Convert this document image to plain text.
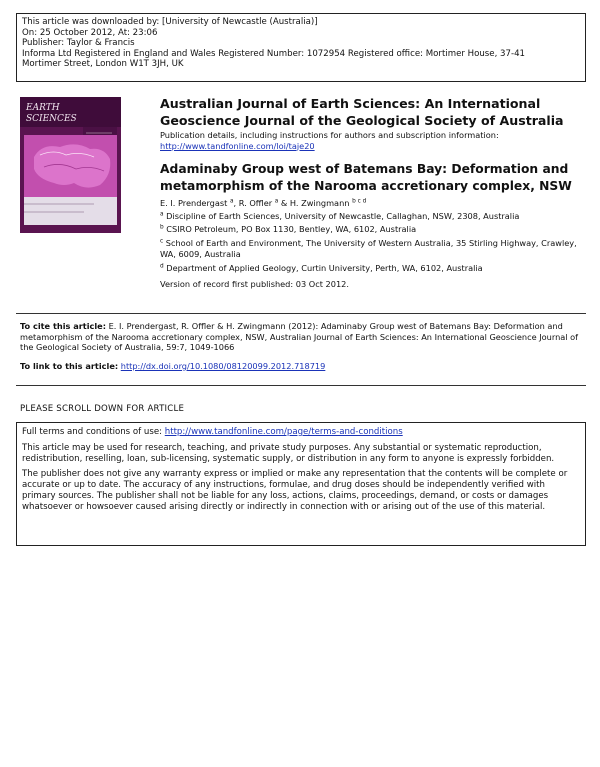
This article was downloaded by: [University of Newcastle (Australia)]
On: 25 October 2012, At: 23:06
Publisher: Taylor & Francis
Informa Ltd Registered in England and Wales Registered Number: 1072954 Registered office: Mortimer House, 37-41
Mortimer Street, London W1T 3JH, UK
EARTH
SCIENCES
Australian Journal of Earth Sciences: An International
Geoscience Journal of the Geological Society of Australia
Publication details, including instructions for authors and subscription information:
http://www.tandfonline.com/loi/taje20
Adaminaby Group west of Batemans Bay: Deformation and
metamorphism of the Narooma accretionary complex, NSW
E. I. Prendergast $^a$, R. Offler $^a$ & H. Zwingmann $^{b c d}$
$^a$ Discipline of Earth Sciences, University of Newcastle, Callaghan, NSW, 2308, Australia
$^b$ CSIRO Petroleum, PO Box 1130, Bentley, WA, 6102, Australia
$^c$ School of Earth and Environment, The University of Western Australia, 35 Stirling Highway, Crawley,
WA, 6009, Australia
$^d$ Department of Applied Geology, Curtin University, Perth, WA, 6102, Australia
Version of record first published: 03 Oct 2012.
To cite this article: E. I. Prendergast, R. Offler & H. Zwingmann (2012): Adaminaby Group west of Batemans Bay: Deformation and metamorphism of the Narooma accretionary complex, NSW, Australian Journal of Earth Sciences: An International Geoscience Journal of the Geological Society of Australia, 59:7, 1049-1066
To link to this article: http://dx.doi.org/10.1080/08120099.2012.718719
PLEASE SCROLL DOWN FOR ARTICLE

Full terms and conditions of use: http://www.tandfonline.com/page/terms-and-conditions

This article may be used for research, teaching, and private study purposes. Any substantial or systematic reproduction, redistribution, reselling, loan, sub-licensing, systematic supply, or distribution in any form to anyone is expressly forbidden.

The publisher does not give any warranty express or implied or make any representation that the contents will be complete or accurate or up to date. The accuracy of any instructions, formulae, and drug doses should be independently verified with primary sources. The publisher shall not be liable for any loss, actions, claims, proceedings, demand, or costs or damages whatsoever or howsoever caused arising directly or indirectly in connection with or arising out of the use of this material.
